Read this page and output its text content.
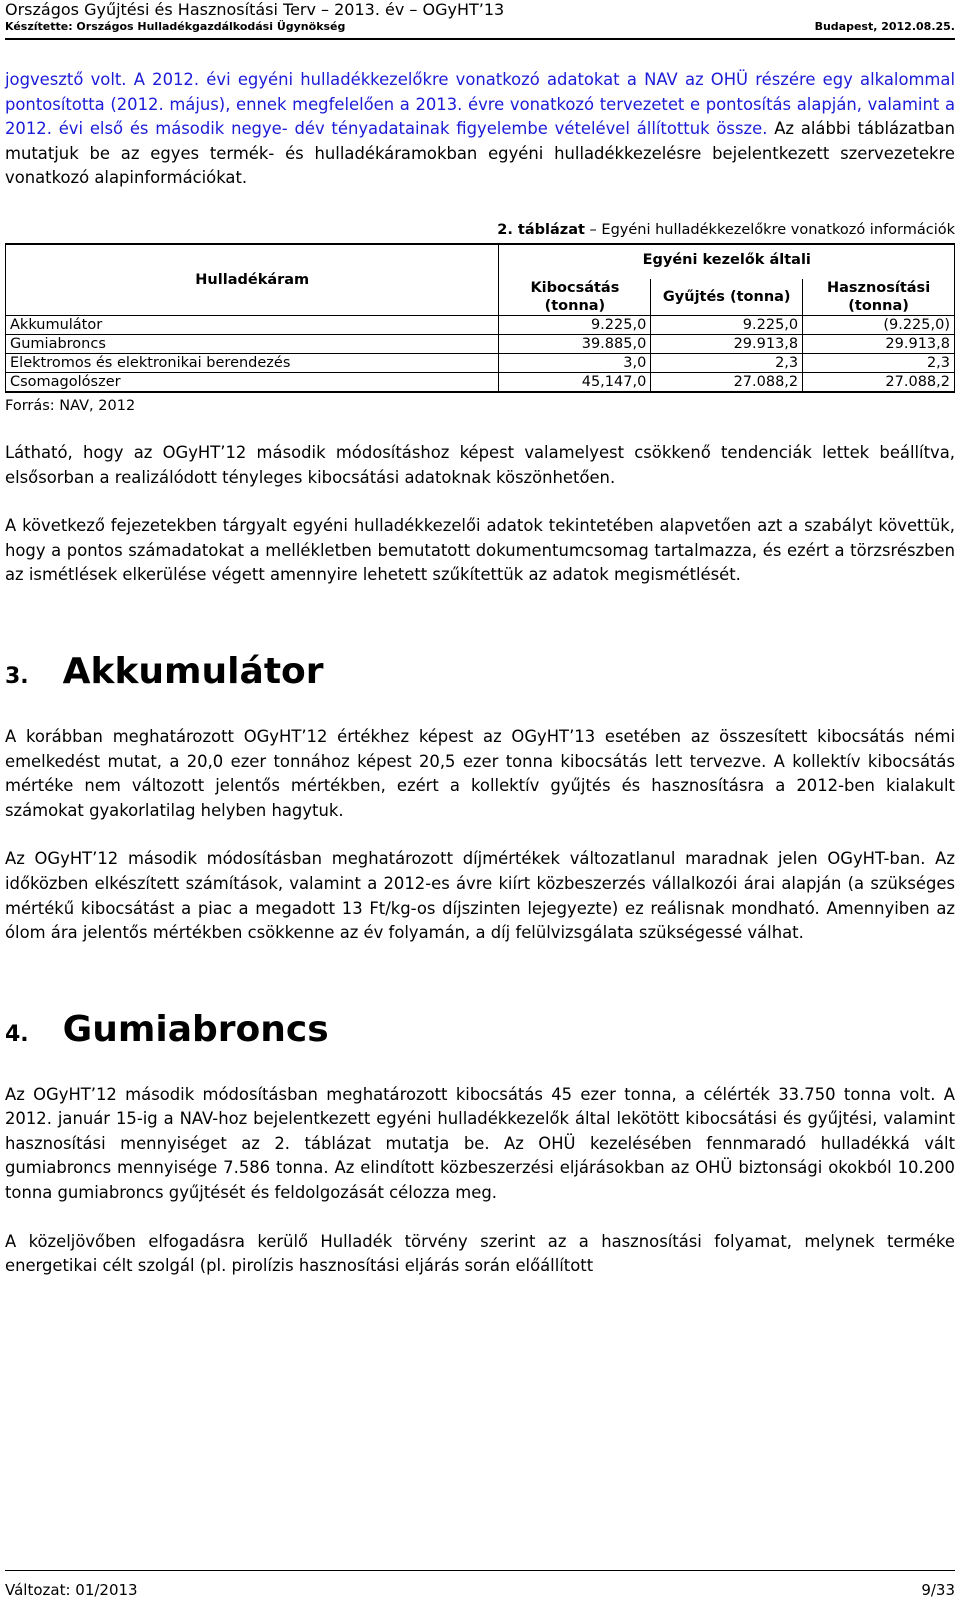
Országos Gyűjtési és Hasznosítási Terv – 2013. év – OGyHT’13
Készítette: Országos Hulladékgazdálkodási Ügynökség	Budapest, 2012.08.25.

jogvesztő volt. A 2012. évi egyéni hulladékkezelőkre vonatkozó adatokat a NAV az OHÜ részére egy alkalommal pontosította (2012. május), ennek megfelelően a 2013. évre vonatkozó tervezetet e pontosítás alapján, valamint a 2012. évi első és második negye- dév tényadatainak figyelembe vételével állítottuk össze. Az alábbi táblázatban mutatjuk be az egyes termék- és hulladékáramokban egyéni hulladékkezelésre bejelentkezett szervezetekre vonatkozó alapinformációkat.

2. táblázat – Egyéni hulladékkezelőkre vonatkozó információk
Hulladékáram	Egyéni kezelők általi		
	Kibocsátás (tonna)	Gyűjtés (tonna)	Hasznosítási (tonna)
Akkumulátor	9.225,0	9.225,0	(9.225,0)
Gumiabroncs	39.885,0	29.913,8	29.913,8
Elektromos és elektronikai berendezés	3,0	2,3	2,3
Csomagolószer	45,147,0	27.088,2	27.088,2
Forrás: NAV, 2012

Látható, hogy az OGyHT’12 második módosításhoz képest valamelyest csökkenő tendenciák lettek beállítva, elsősorban a realizálódott tényleges kibocsátási adatoknak köszönhetően.

A következő fejezetekben tárgyalt egyéni hulladékkezelői adatok tekintetében alapvetően azt a szabályt követtük, hogy a pontos számadatokat a mellékletben bemutatott dokumentumcsomag tartalmazza, és ezért a törzsrészben az ismétlések elkerülése végett amennyire lehetett szűkítettük az adatok megismétlését.

3. Akkumulátor

A korábban meghatározott OGyHT’12 értékhez képest az OGyHT’13 esetében az összesített kibocsátás némi emelkedést mutat, a 20,0 ezer tonnához képest 20,5 ezer tonna kibocsátás lett tervezve. A kollektív kibocsátás mértéke nem változott jelentős mértékben, ezért a kollektív gyűjtés és hasznosításra a 2012-ben kialakult számokat gyakorlatilag helyben hagytuk.

Az OGyHT’12 második módosításban meghatározott díjmértékek változatlanul maradnak jelen OGyHT-ban. Az időközben elkészített számítások, valamint a 2012-es ávre kiírt közbeszerzés vállalkozói árai alapján (a szükséges mértékű kibocsátást a piac a megadott 13 Ft/kg-os díjszinten lejegyezte) ez reálisnak mondható. Amennyiben az ólom ára jelentős mértékben csökkenne az év folyamán, a díj felülvizsgálata szükségessé válhat.

4. Gumiabroncs

Az OGyHT’12 második módosításban meghatározott kibocsátás 45 ezer tonna, a célérték 33.750 tonna volt. A 2012. január 15-ig a NAV-hoz bejelentkezett egyéni hulladékkezelők által lekötött kibocsátási és gyűjtési, valamint hasznosítási mennyiséget az 2. táblázat mutatja be. Az OHÜ kezelésében fennmaradó hulladékká vált gumiabroncs mennyisége 7.586 tonna. Az elindított közbeszerzési eljárásokban az OHÜ biztonsági okokból 10.200 tonna gumiabroncs gyűjtését és feldolgozását célozza meg.

A közeljövőben elfogadásra kerülő Hulladék törvény szerint az a hasznosítási folyamat, melynek terméke energetikai célt szolgál (pl. pirolízis hasznosítási eljárás során előállított

Változat: 01/2013	9/33
